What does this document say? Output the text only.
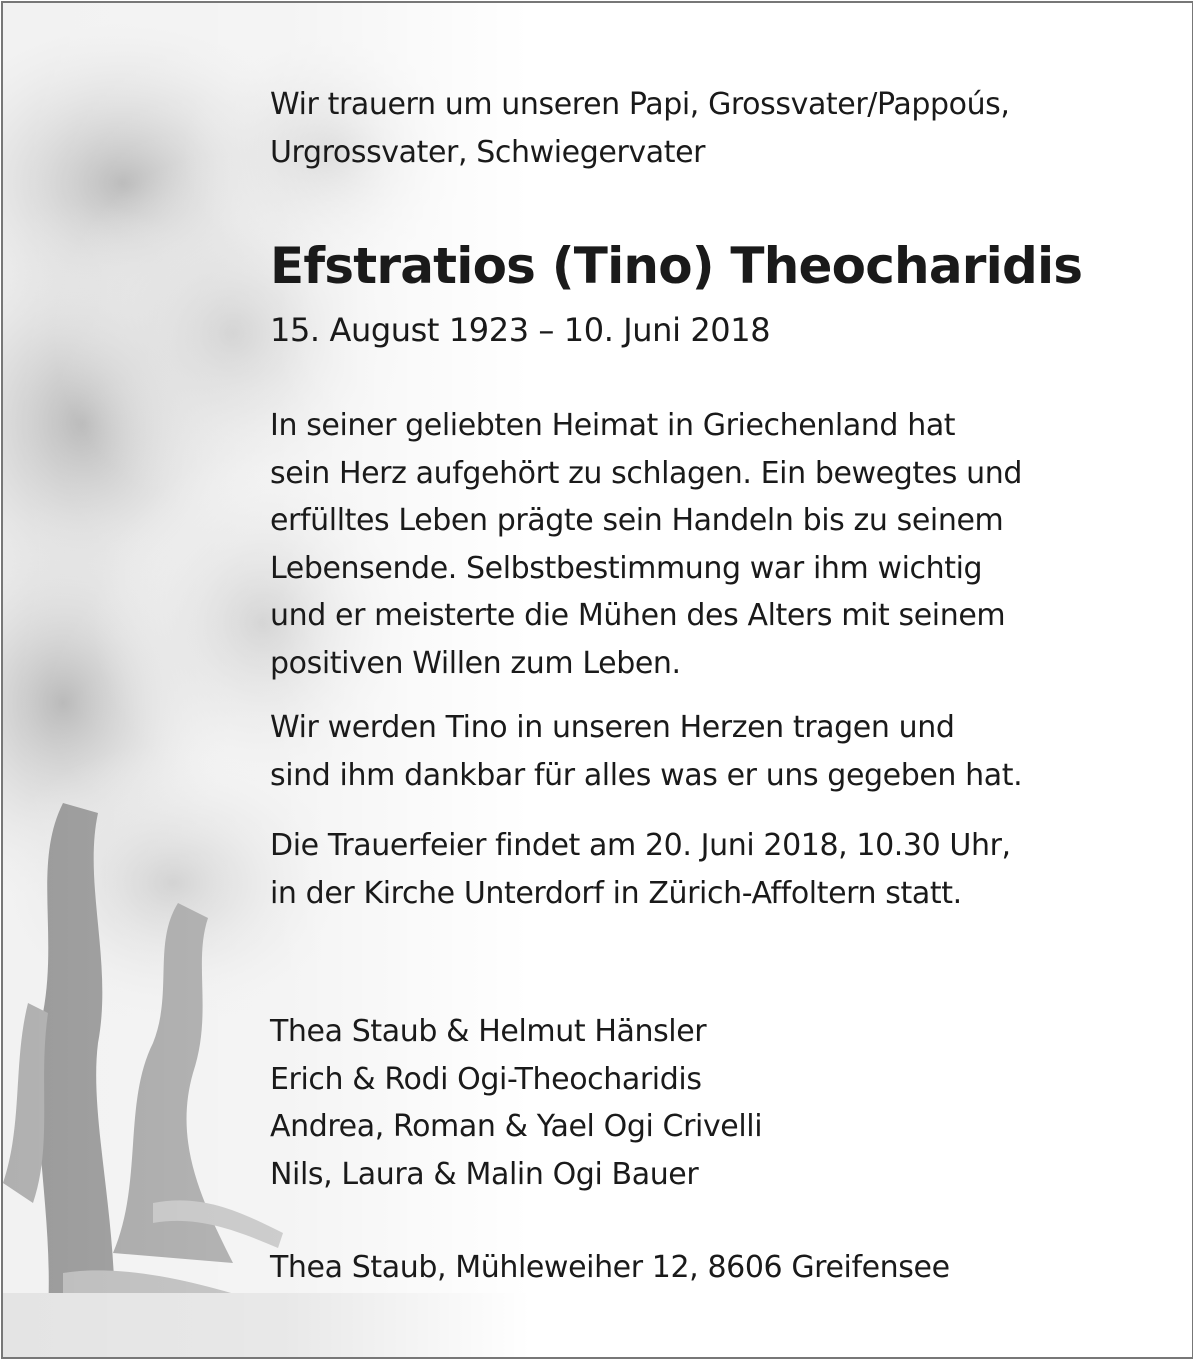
Wir trauern um unseren Papi, Grossvater/Pappoús,
Urgrossvater, Schwiegervater
Efstratios (Tino) Theocharidis
15. August 1923 – 10. Juni 2018
In seiner geliebten Heimat in Griechenland hat
sein Herz aufgehört zu schlagen. Ein bewegtes und
erfülltes Leben prägte sein Handeln bis zu seinem
Lebensende. Selbstbestimmung war ihm wichtig
und er meisterte die Mühen des Alters mit seinem
positiven Willen zum Leben.
Wir werden Tino in unseren Herzen tragen und
sind ihm dankbar für alles was er uns gegeben hat.
Die Trauerfeier findet am 20. Juni 2018, 10.30 Uhr,
in der Kirche Unterdorf in Zürich-Affoltern statt.
Thea Staub & Helmut Hänsler
Erich & Rodi Ogi-Theocharidis
Andrea, Roman & Yael Ogi Crivelli
Nils, Laura & Malin Ogi Bauer
Thea Staub, Mühleweiher 12, 8606 Greifensee
